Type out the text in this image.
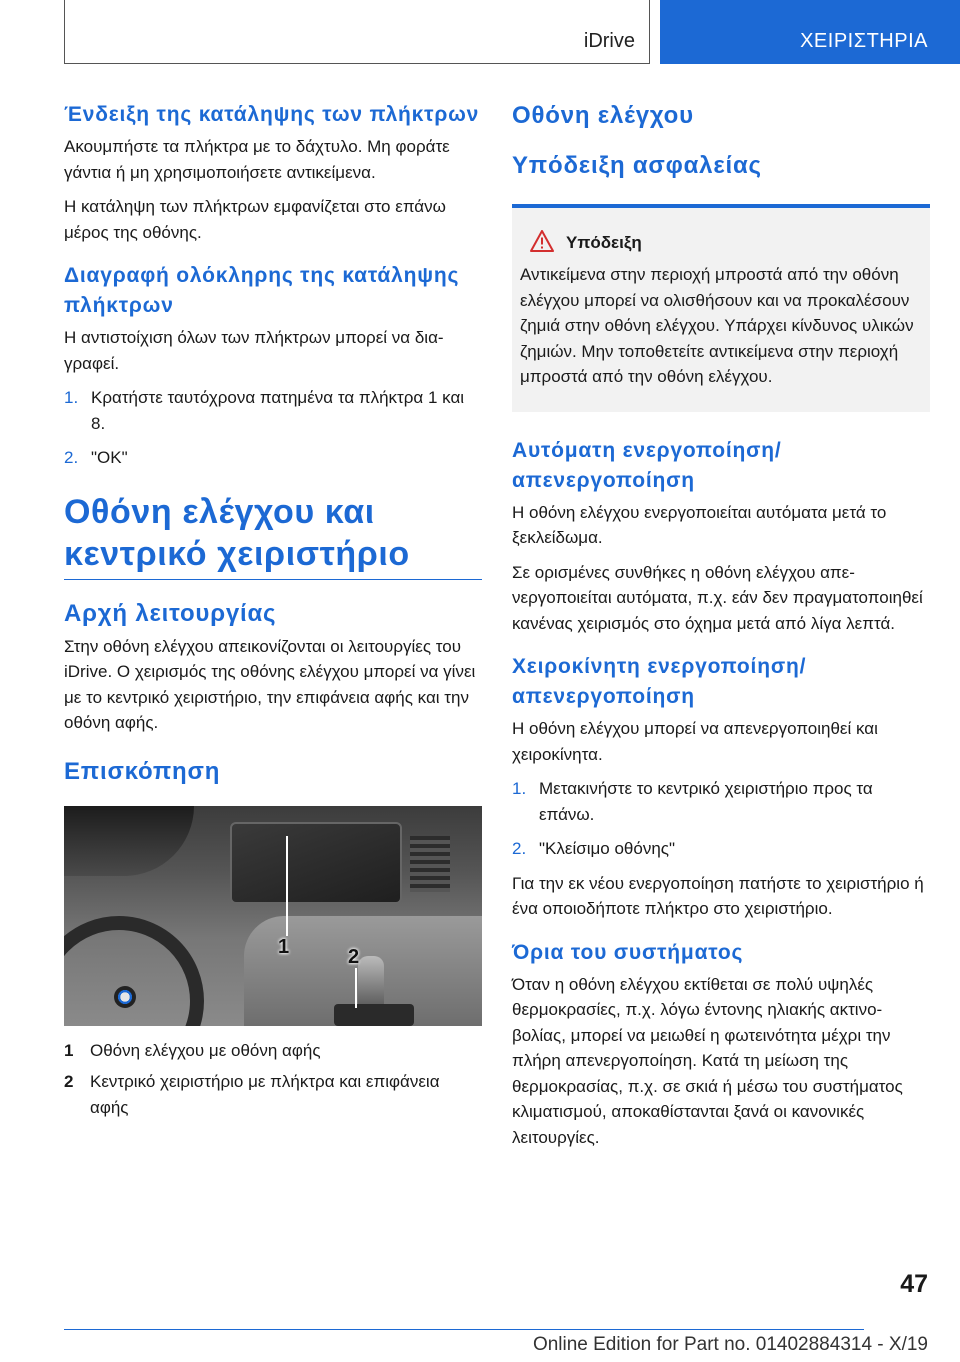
iDrive	ΧΕΙΡΙΣΤΗΡΙΑ
Ένδειξη της κατάληψης των πλήκτρων

Ακουμπήστε τα πλήκτρα με το δάχτυλο. Μη φοράτε γάντια ή μη χρησιμοποιήσετε αντικείμενα.

Η κατάληψη των πλήκτρων εμφανίζεται στο επάνω μέρος της οθόνης.

Διαγραφή ολόκληρης της κατάληψης πλήκτρων

Η αντιστοίχιση όλων των πλήκτρων μπορεί να διαγραφεί.

1. Κρατήστε ταυτόχρονα πατημένα τα πλήκτρα 1 και 8.
2. "OK"
Οθόνη ελέγχου και κεντρικό χειριστήριο
Αρχή λειτουργίας

Στην οθόνη ελέγχου απεικονίζονται οι λειτουργίες του iDrive. Ο χειρισμός της οθόνης ελέγχου μπορεί να γίνει με το κεντρικό χειριστήριο, την επιφάνεια αφής και την οθόνη αφής.

Επισκόπηση
1	2
1 Οθόνη ελέγχου με οθόνη αφής
2 Κεντρικό χειριστήριο με πλήκτρα και επιφάνεια αφής
Οθόνη ελέγχου
Υπόδειξη ασφαλείας
Υπόδειξη

Αντικείμενα στην περιοχή μπροστά από την οθόνη ελέγχου μπορεί να ολισθήσουν και να προκαλέσουν ζημιά στην οθόνη ελέγχου. Υπάρχει κίνδυνος υλικών ζημιών. Μην τοποθετείτε αντικείμενα στην περιοχή μπροστά από την οθόνη ελέγχου.

Αυτόματη ενεργοποίηση/απενεργοποίηση

Η οθόνη ελέγχου ενεργοποιείται αυτόματα μετά το ξεκλείδωμα.

Σε ορισμένες συνθήκες η οθόνη ελέγχου απενεργοποιείται αυτόματα, π.χ. εάν δεν πραγματοποιηθεί κανένας χειρισμός στο όχημα μετά από λίγα λεπτά.

Χειροκίνητη ενεργοποίηση/απενεργοποίηση

Η οθόνη ελέγχου μπορεί να απενεργοποιηθεί και χειροκίνητα.

1. Μετακινήστε το κεντρικό χειριστήριο προς τα επάνω.
2. "Κλείσιμο οθόνης"

Για την εκ νέου ενεργοποίηση πατήστε το χειριστήριο ή ένα οποιοδήποτε πλήκτρο στο χειριστήριο.

Όρια του συστήματος

Όταν η οθόνη ελέγχου εκτίθεται σε πολύ υψηλές θερμοκρασίες, π.χ. λόγω έντονης ηλιακής ακτινοβολίας, μπορεί να μειωθεί η φωτεινότητα μέχρι την πλήρη απενεργοποίηση. Κατά τη μείωση της θερμοκρασίας, π.χ. σε σκιά ή μέσω του συστήματος κλιματισμού, αποκαθίστανται ξανά οι κανονικές λειτουργίες.

47
Online Edition for Part no. 01402884314 - X/19
